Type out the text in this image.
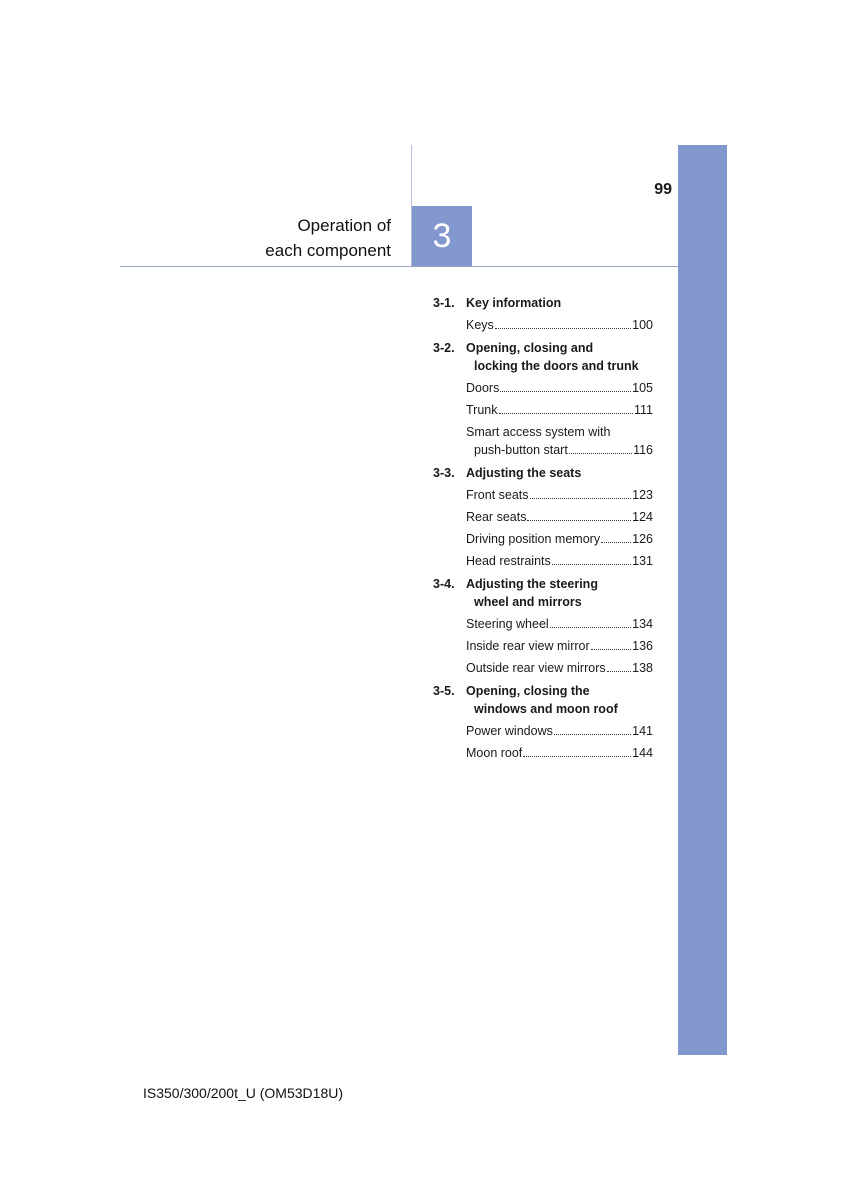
Operation of
each component	3
99
3-1. Key information
Keys	100
3-2. Opening, closing and
locking the doors and trunk
Doors	105
Trunk	111
Smart access system with
push-button start	116
3-3. Adjusting the seats
Front seats	123
Rear seats	124
Driving position memory	126
Head restraints	131
3-4. Adjusting the steering
wheel and mirrors
Steering wheel	134
Inside rear view mirror	136
Outside rear view mirrors 138
3-5. Opening, closing the
windows and moon roof
Power windows	141
Moon roof	144
IS350/300/200t_U (OM53D18U)
